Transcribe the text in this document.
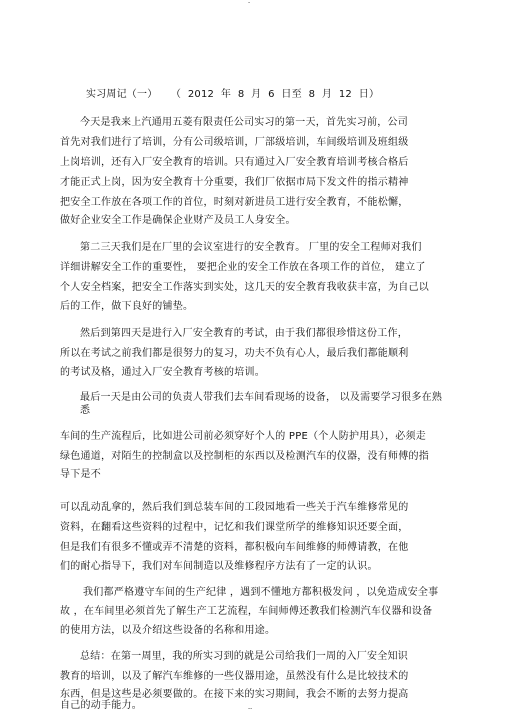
-
实习周记（一）    （  2012  年  8  月  6  日至  8  月  12  日）
今天是我来上汽通用五菱有限责任公司实习的第一天，首先实习前，公司
首先对我们进行了培训，分有公司级培训，厂部级培训，车间级培训及班组级
上岗培训，还有入厂安全教育的培训。只有通过入厂安全教育培训考核合格后
才能正式上岗，因为安全教育十分重要，我们厂依据市局下发文件的指示精神
把安全工作放在各项工作的首位，时刻对新进员工进行安全教育，不能松懈，
做好企业安全工作是确保企业财产及员工人身安全。
第二三天我们是在厂里的会议室进行的安全教育。 厂里的安全工程师对我们
详细讲解安全工作的重要性， 要把企业的安全工作放在各项工作的首位， 建立了
个人安全档案，把安全工作落实到实处，这几天的安全教育我收获丰富，为自己以
后的工作，做下良好的铺垫。
然后到第四天是进行入厂安全教育的考试，由于我们都很珍惜这份工作，
所以在考试之前我们都是很努力的复习，功夫不负有心人，最后我们都能顺利
的考试及格，通过入厂安全教育考核的培训。
最后一天是由公司的负责人带我们去车间看现场的设备， 以及需要学习很多在熟
悉
车间的生产流程后，比如进公司前必须穿好个人的 PPE（个人防护用具），必须走
绿色通道，对陌生的控制盒以及控制柜的东西以及检测汽车的仪器，没有师傅的指
导下是不
可以乱动乱拿的，然后我们到总装车间的工段园地看一些关于汽车维修常见的
资料，在翻看这些资料的过程中，记忆和我们课堂所学的维修知识还要全面，
但是我们有很多不懂或弄不清楚的资料，都积极向车间维修的师傅请教，在他
们的耐心指导下，我们对车间制造以及维修程序方法有了一定的认识。
我们都严格遵守车间的生产纪律 ，遇到不懂地方都积极发问 ，以免造成安全事
故 ，在车间里必须首先了解生产工艺流程，车间师傅还教我们检测汽车仪器和设备
的使用方法，以及介绍这些设备的名称和用途。
总结：在第一周里，我的所实习到的就是公司给我们一周的入厂安全知识
教育的培训，以及了解汽车维修的一些仪器用途，虽然没有什么是比较技术的
东西，但是这些是必须要做的。在接下来的实习期间，我会不断的去努力提高
自己的动手能力。	--
